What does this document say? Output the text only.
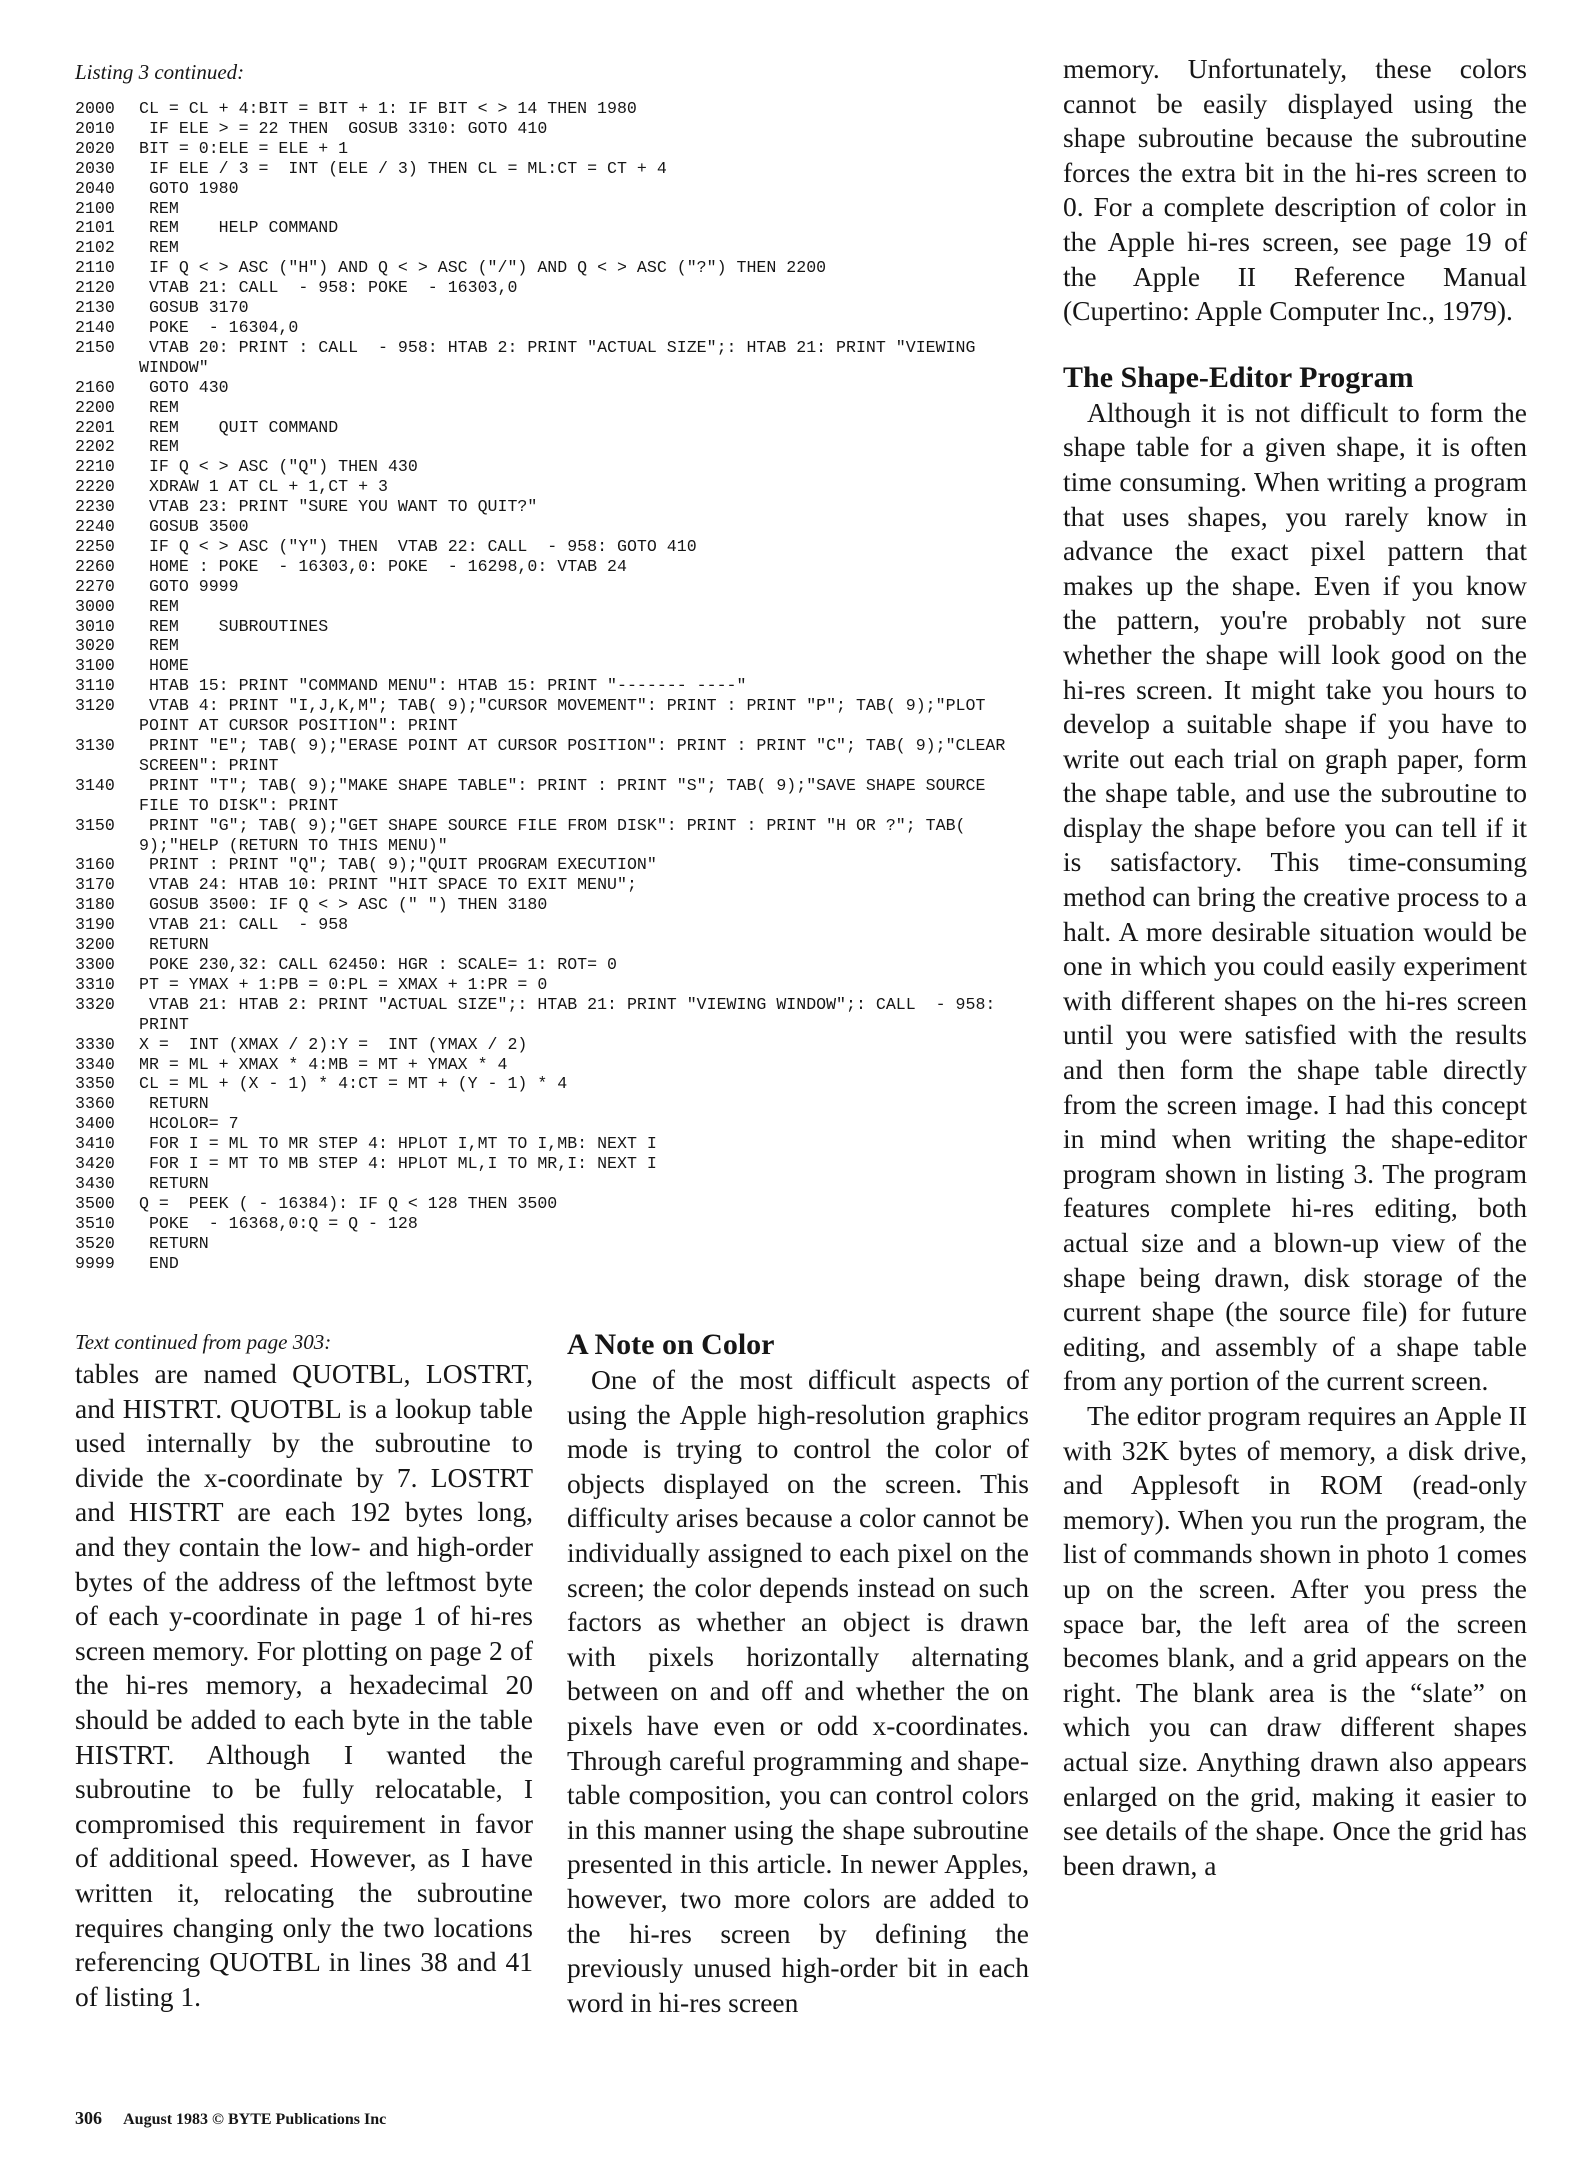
Listing 3 continued:
2000	CL = CL + 4:BIT = BIT + 1: IF BIT < > 14 THEN 1980
2010	IF ELE > = 22 THEN  GOSUB 3310: GOTO 410
2020	BIT = 0:ELE = ELE + 1
2030	IF ELE / 3 =  INT (ELE / 3) THEN CL = ML:CT = CT + 4
2040	GOTO 1980
2100	REM
2101	REM    HELP COMMAND
2102	REM
2110	IF Q < > ASC ("H") AND Q < > ASC ("/") AND Q < > ASC ("?") THEN 2200
2120	VTAB 21: CALL  - 958: POKE  - 16303,0
2130	GOSUB 3170
2140	POKE  - 16304,0
2150	VTAB 20: PRINT : CALL  - 958: HTAB 2: PRINT "ACTUAL SIZE";: HTAB 21: PRINT "VIEWING WINDOW"
2160	GOTO 430
2200	REM
2201	REM    QUIT COMMAND
2202	REM
2210	IF Q < > ASC ("Q") THEN 430
2220	XDRAW 1 AT CL + 1,CT + 3
2230	VTAB 23: PRINT "SURE YOU WANT TO QUIT?"
2240	GOSUB 3500
2250	IF Q < > ASC ("Y") THEN  VTAB 22: CALL  - 958: GOTO 410
2260	HOME : POKE  - 16303,0: POKE  - 16298,0: VTAB 24
2270	GOTO 9999
3000	REM
3010	REM    SUBROUTINES
3020	REM
3100	HOME
3110	HTAB 15: PRINT "COMMAND MENU": HTAB 15: PRINT "------- ----"
3120	VTAB 4: PRINT "I,J,K,M"; TAB( 9);"CURSOR MOVEMENT": PRINT : PRINT "P"; TAB( 9);"PLOT POINT AT CURSOR POSITION": PRINT
3130	PRINT "E"; TAB( 9);"ERASE POINT AT CURSOR POSITION": PRINT : PRINT "C"; TAB( 9);"CLEAR SCREEN": PRINT
3140	PRINT "T"; TAB( 9);"MAKE SHAPE TABLE": PRINT : PRINT "S"; TAB( 9);"SAVE SHAPE SOURCE FILE TO DISK": PRINT
3150	PRINT "G"; TAB( 9);"GET SHAPE SOURCE FILE FROM DISK": PRINT : PRINT "H OR ?"; TAB( 9);"HELP (RETURN TO THIS MENU)"
3160	PRINT : PRINT "Q"; TAB( 9);"QUIT PROGRAM EXECUTION"
3170	VTAB 24: HTAB 10: PRINT "HIT SPACE TO EXIT MENU";
3180	GOSUB 3500: IF Q < > ASC (" ") THEN 3180
3190	VTAB 21: CALL  - 958
3200	RETURN
3300	POKE 230,32: CALL 62450: HGR : SCALE= 1: ROT= 0
3310	PT = YMAX + 1:PB = 0:PL = XMAX + 1:PR = 0
3320	VTAB 21: HTAB 2: PRINT "ACTUAL SIZE";: HTAB 21: PRINT "VIEWING WINDOW";: CALL  - 958: PRINT
3330	X =  INT (XMAX / 2):Y =  INT (YMAX / 2)
3340	MR = ML + XMAX * 4:MB = MT + YMAX * 4
3350	CL = ML + (X - 1) * 4:CT = MT + (Y - 1) * 4
3360	RETURN
3400	HCOLOR= 7
3410	FOR I = ML TO MR STEP 4: HPLOT I,MT TO I,MB: NEXT I
3420	FOR I = MT TO MB STEP 4: HPLOT ML,I TO MR,I: NEXT I
3430	RETURN
3500	Q =  PEEK ( - 16384): IF Q < 128 THEN 3500
3510	POKE  - 16368,0:Q = Q - 128
3520	RETURN
9999	END
Text continued from page 303:

tables are named QUOTBL, LOSTRT, and HISTRT. QUOTBL is a lookup table used internally by the subroutine to divide the x-coordinate by 7. LOSTRT and HISTRT are each 192 bytes long, and they contain the low- and high-order bytes of the address of the leftmost byte of each y-coordinate in page 1 of hi-res screen memory. For plotting on page 2 of the hi-res memory, a hexadecimal 20 should be added to each byte in the table HISTRT. Although I wanted the subroutine to be fully relocatable, I compromised this requirement in favor of additional speed. However, as I have written it, relocating the subroutine requires changing only the two locations referencing QUOTBL in lines 38 and 41 of listing 1.

A Note on Color

One of the most difficult aspects of using the Apple high-resolution graphics mode is trying to control the color of objects displayed on the screen. This difficulty arises because a color cannot be individually assigned to each pixel on the screen; the color depends instead on such factors as whether an object is drawn with pixels horizontally alternating between on and off and whether the on pixels have even or odd x-coordinates. Through careful programming and shape-table composition, you can control colors in this manner using the shape subroutine presented in this article. In newer Apples, however, two more colors are added to the hi-res screen by defining the previously unused high-order bit in each word in hi-res screen

memory. Unfortunately, these colors cannot be easily displayed using the shape subroutine because the subroutine forces the extra bit in the hi-res screen to 0. For a complete description of color in the Apple hi-res screen, see page 19 of the Apple II Reference Manual (Cupertino: Apple Computer Inc., 1979).

The Shape-Editor Program

Although it is not difficult to form the shape table for a given shape, it is often time consuming. When writing a program that uses shapes, you rarely know in advance the exact pixel pattern that makes up the shape. Even if you know the pattern, you're probably not sure whether the shape will look good on the hi-res screen. It might take you hours to develop a suitable shape if you have to write out each trial on graph paper, form the shape table, and use the subroutine to display the shape before you can tell if it is satisfactory. This time-consuming method can bring the creative process to a halt. A more desirable situation would be one in which you could easily experiment with different shapes on the hi-res screen until you were satisfied with the results and then form the shape table directly from the screen image. I had this concept in mind when writing the shape-editor program shown in listing 3. The program features complete hi-res editing, both actual size and a blown-up view of the shape being drawn, disk storage of the current shape (the source file) for future editing, and assembly of a shape table from any portion of the current screen.

The editor program requires an Apple II with 32K bytes of memory, a disk drive, and Applesoft in ROM (read-only memory). When you run the program, the list of commands shown in photo 1 comes up on the screen. After you press the space bar, the left area of the screen becomes blank, and a grid appears on the right. The blank area is the “slate” on which you can draw different shapes actual size. Anything drawn also appears enlarged on the grid, making it easier to see details of the shape. Once the grid has been drawn, a

306 August 1983 © BYTE Publications Inc
